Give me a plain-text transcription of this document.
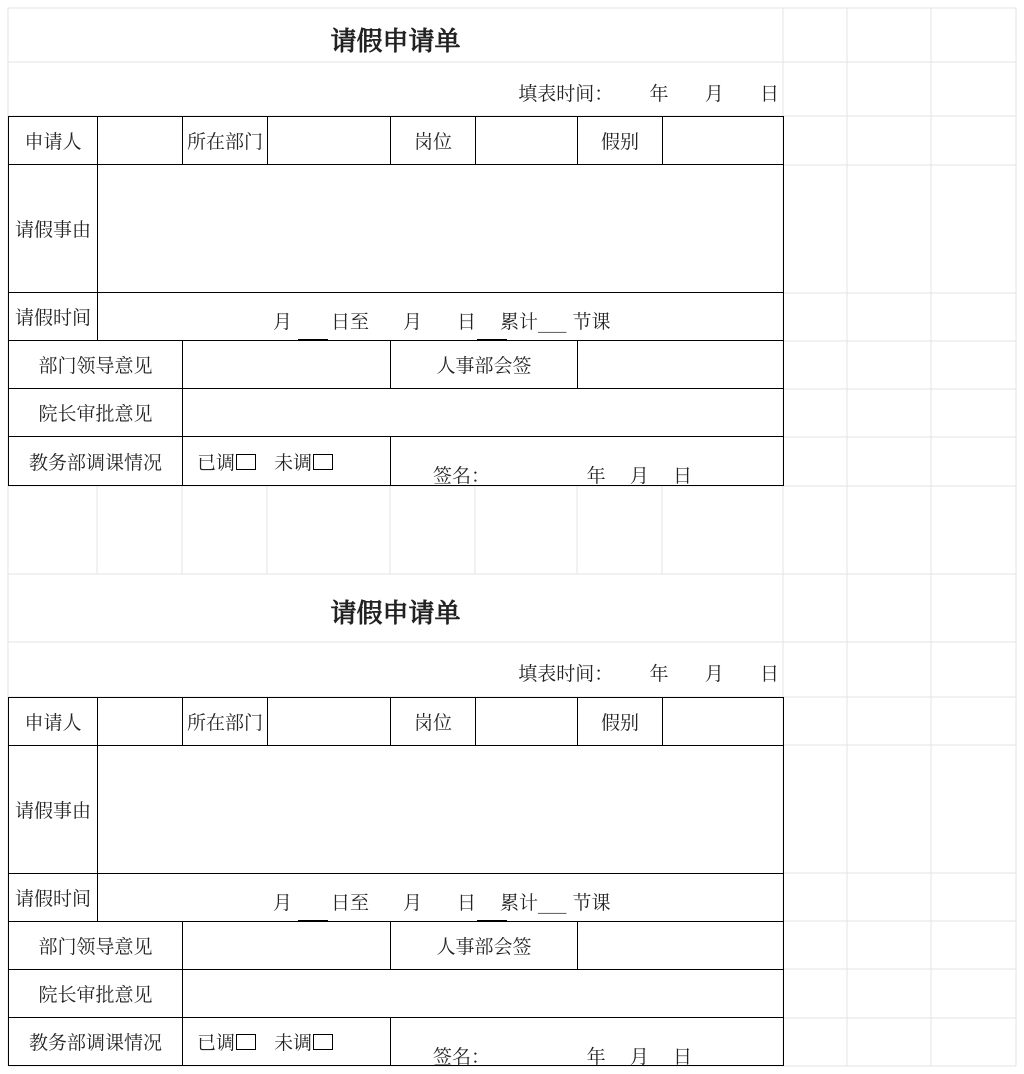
请假申请单
填表时间： 年 月 日
申请人		所在部门		岗位		假别	
请假事由							
请假时间	月 日至 月 日 累计___ 节课						

部门领导意见				人事部会签			
院长审批意见							
教务部调课情况		已调 未调		签名： 年 月 日			
请假申请单
填表时间： 年 月 日
申请人		所在部门		岗位		假别	
请假事由							
请假时间	月 日至 月 日 累计___ 节课						

部门领导意见				人事部会签			
院长审批意见							
教务部调课情况		已调 未调		签名： 年 月 日			
